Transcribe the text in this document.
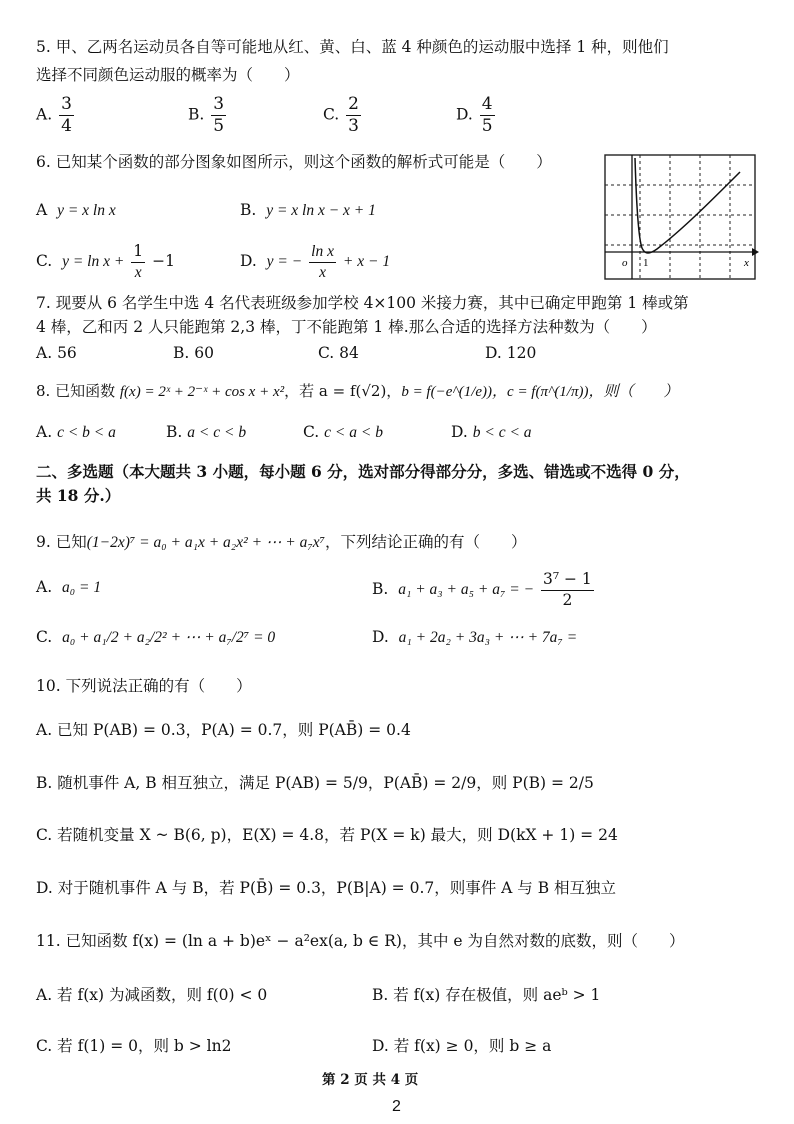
5. 甲、乙两名运动员各自等可能地从红、黄、白、蓝 4 种颜色的运动服中选择 1 种，则他们
选择不同颜色运动服的概率为（　　）
A. $\frac{3}{4}$	B. $\frac{3}{5}$	C. $\frac{2}{3}$	D. $\frac{4}{5}$
6. 已知某个函数的部分图象如图所示，则这个函数的解析式可能是（　　）
A y = x ln x	B. y = x ln x − x + 1
C. $y = \ln x + \frac{1}{x} -1$	D. y = − $\frac{\text{ln x}}{x} + x - 1$	o 1	x
7. 现要从 6 名学生中选 4 名代表班级参加学校 4×100 米接力赛，其中已确定甲跑第 1 棒或第
4 棒，乙和丙 2 人只能跑第 2,3 棒，丁不能跑第 1 棒.那么合适的选择方法种数为（　　）
A. 56	B. 60	C. 84	D. 120
8. 已知函数 f(x) = 2ˣ + 2⁻ˣ + cos x + x²，若 a = f(√2)，b = f(−e^(1/e))，c = f(π^(1/π))，则（　　）
A. c < b < a	B. a < c < b	C. c < a < b	D. b < c < a
二、多选题（本大题共 3 小题，每小题 6 分，选对部分得部分分，多选、错选或不选得 0 分，
共 18 分.）
9. 已知(1−2x)⁷ = a₀ + a₁x + a₂x² + ⋯ + a₇x⁷，下列结论正确的有（　　）
A. a₀ = 1	B. a₁ + a₃ + a₅ + a₇ = − $\frac{\text{3⁷ − 1}}{2}$
C. a₀ + a₁/2 + a₂/2² + ⋯ + a₇/2⁷ = 0	D. a₁ + 2a₂ + 3a₃ + ⋯ + 7a₇ =
10. 下列说法正确的有（　　）
A. 已知 P(AB) = 0.3，P(A) = 0.7，则 P(AB̄) = 0.4
B. 随机事件 A, B 相互独立，满足 P(AB) = 5/9，P(AB̄) = 2/9，则 P(B) = 2/5
C. 若随机变量 X ~ B(6, p)，E(X) = 4.8，若 P(X = k) 最大，则 D(kX + 1) = 24
D. 对于随机事件 A 与 B，若 P(B̄) = 0.3，P(B|A) = 0.7，则事件 A 与 B 相互独立
11. 已知函数 f(x) = (ln a + b)eˣ − a²ex(a, b ∈ R)，其中 e 为自然对数的底数，则（　　）
A. 若 f(x) 为减函数，则 f(0) < 0	B. 若 f(x) 存在极值，则 aeᵇ > 1
C. 若 f(1) = 0，则 b > ln2	D. 若 f(x) ≥ 0，则 b ≥ a
第 2 页 共 4 页
2
